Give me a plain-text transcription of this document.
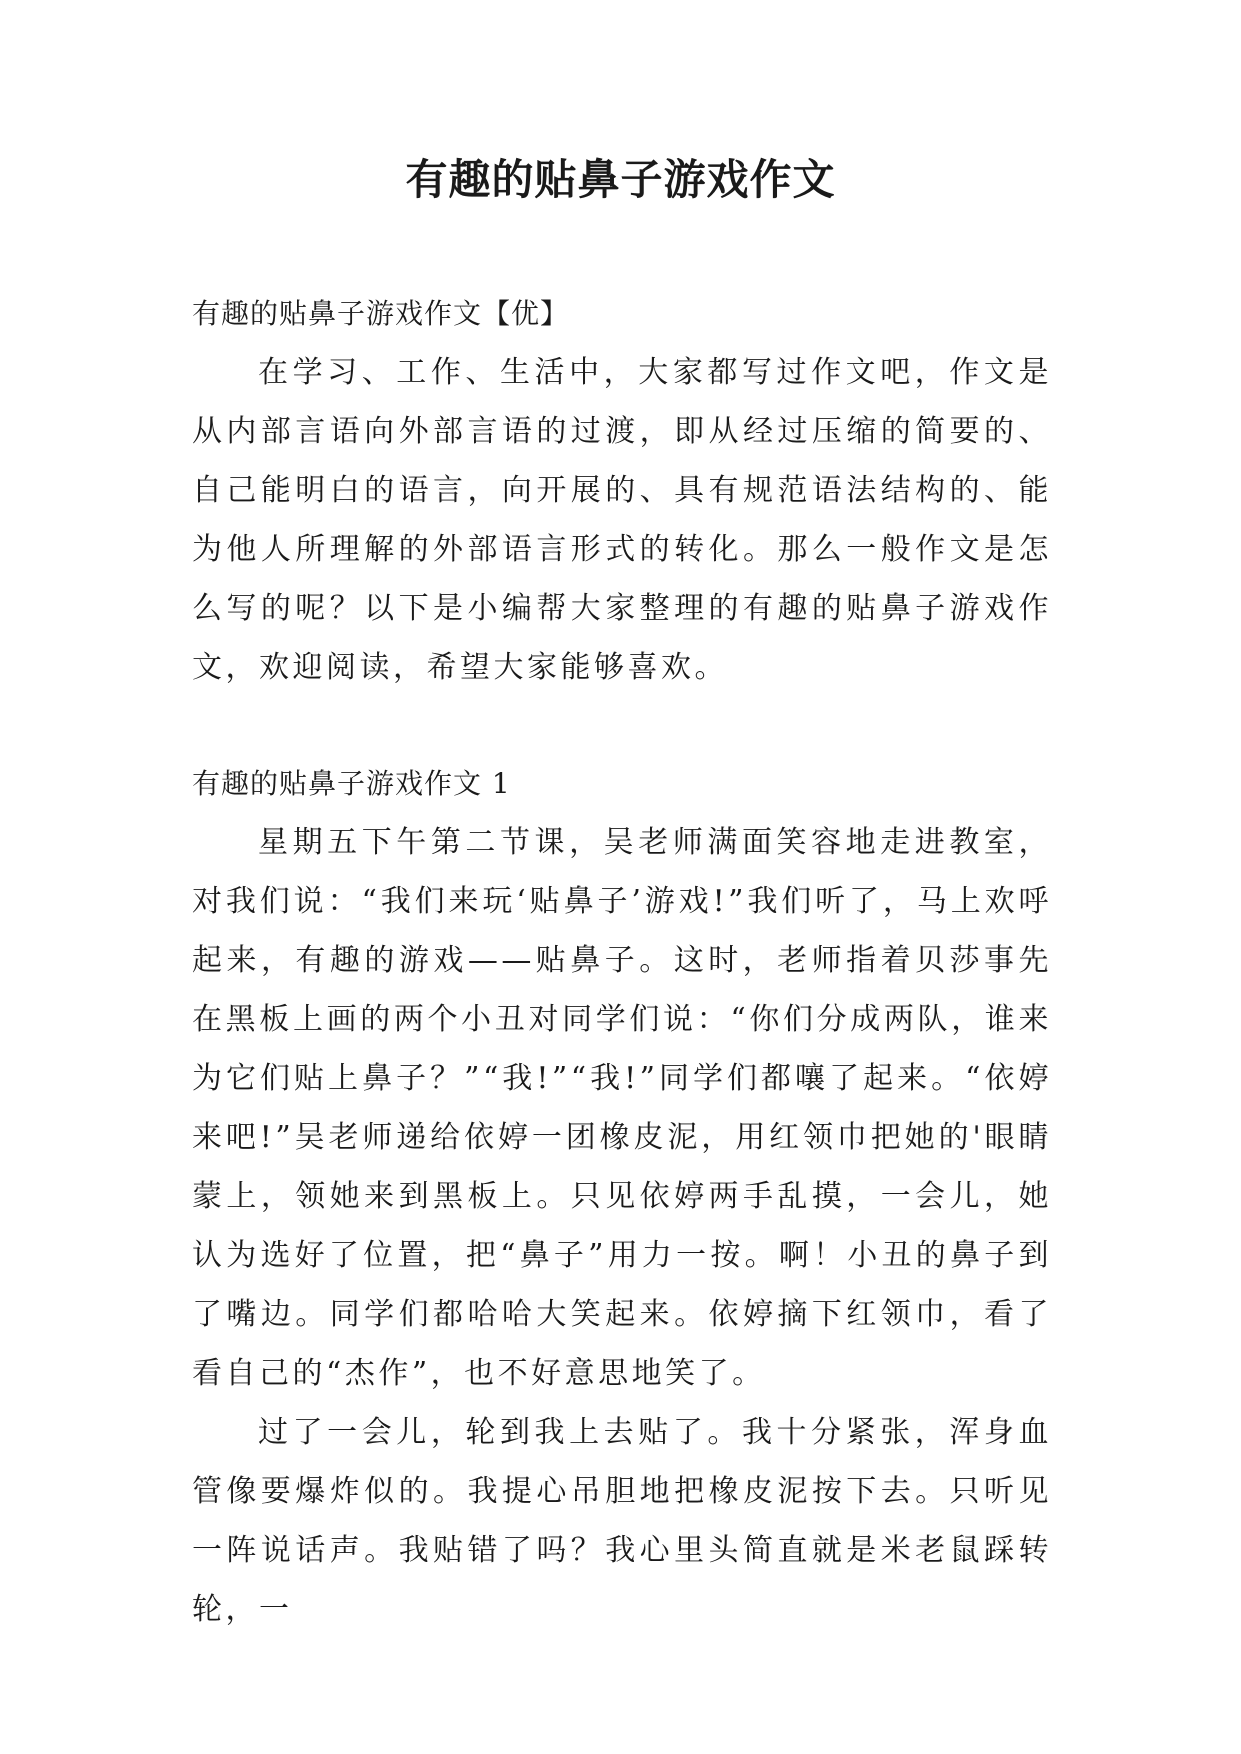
有趣的贴鼻子游戏作文

有趣的贴鼻子游戏作文【优】

在学习、工作、生活中，大家都写过作文吧，作文是从内部言语向外部言语的过渡，即从经过压缩的简要的、自己能明白的语言，向开展的、具有规范语法结构的、能为他人所理解的外部语言形式的转化。那么一般作文是怎么写的呢？以下是小编帮大家整理的有趣的贴鼻子游戏作文，欢迎阅读，希望大家能够喜欢。

有趣的贴鼻子游戏作文 1

星期五下午第二节课，吴老师满面笑容地走进教室，对我们说：“我们来玩‘贴鼻子’游戏!”我们听了，马上欢呼起来，有趣的游戏——贴鼻子。这时，老师指着贝莎事先在黑板上画的两个小丑对同学们说：“你们分成两队，谁来为它们贴上鼻子？”“我!”“我!”同学们都嚷了起来。“依婷来吧!”吴老师递给依婷一团橡皮泥，用红领巾把她的'眼睛蒙上，领她来到黑板上。只见依婷两手乱摸，一会儿，她认为选好了位置，把“鼻子”用力一按。啊！小丑的鼻子到了嘴边。同学们都哈哈大笑起来。依婷摘下红领巾，看了看自己的“杰作”，也不好意思地笑了。

过了一会儿，轮到我上去贴了。我十分紧张，浑身血管像要爆炸似的。我提心吊胆地把橡皮泥按下去。只听见一阵说话声。我贴错了吗？我心里头简直就是米老鼠踩转轮，一
